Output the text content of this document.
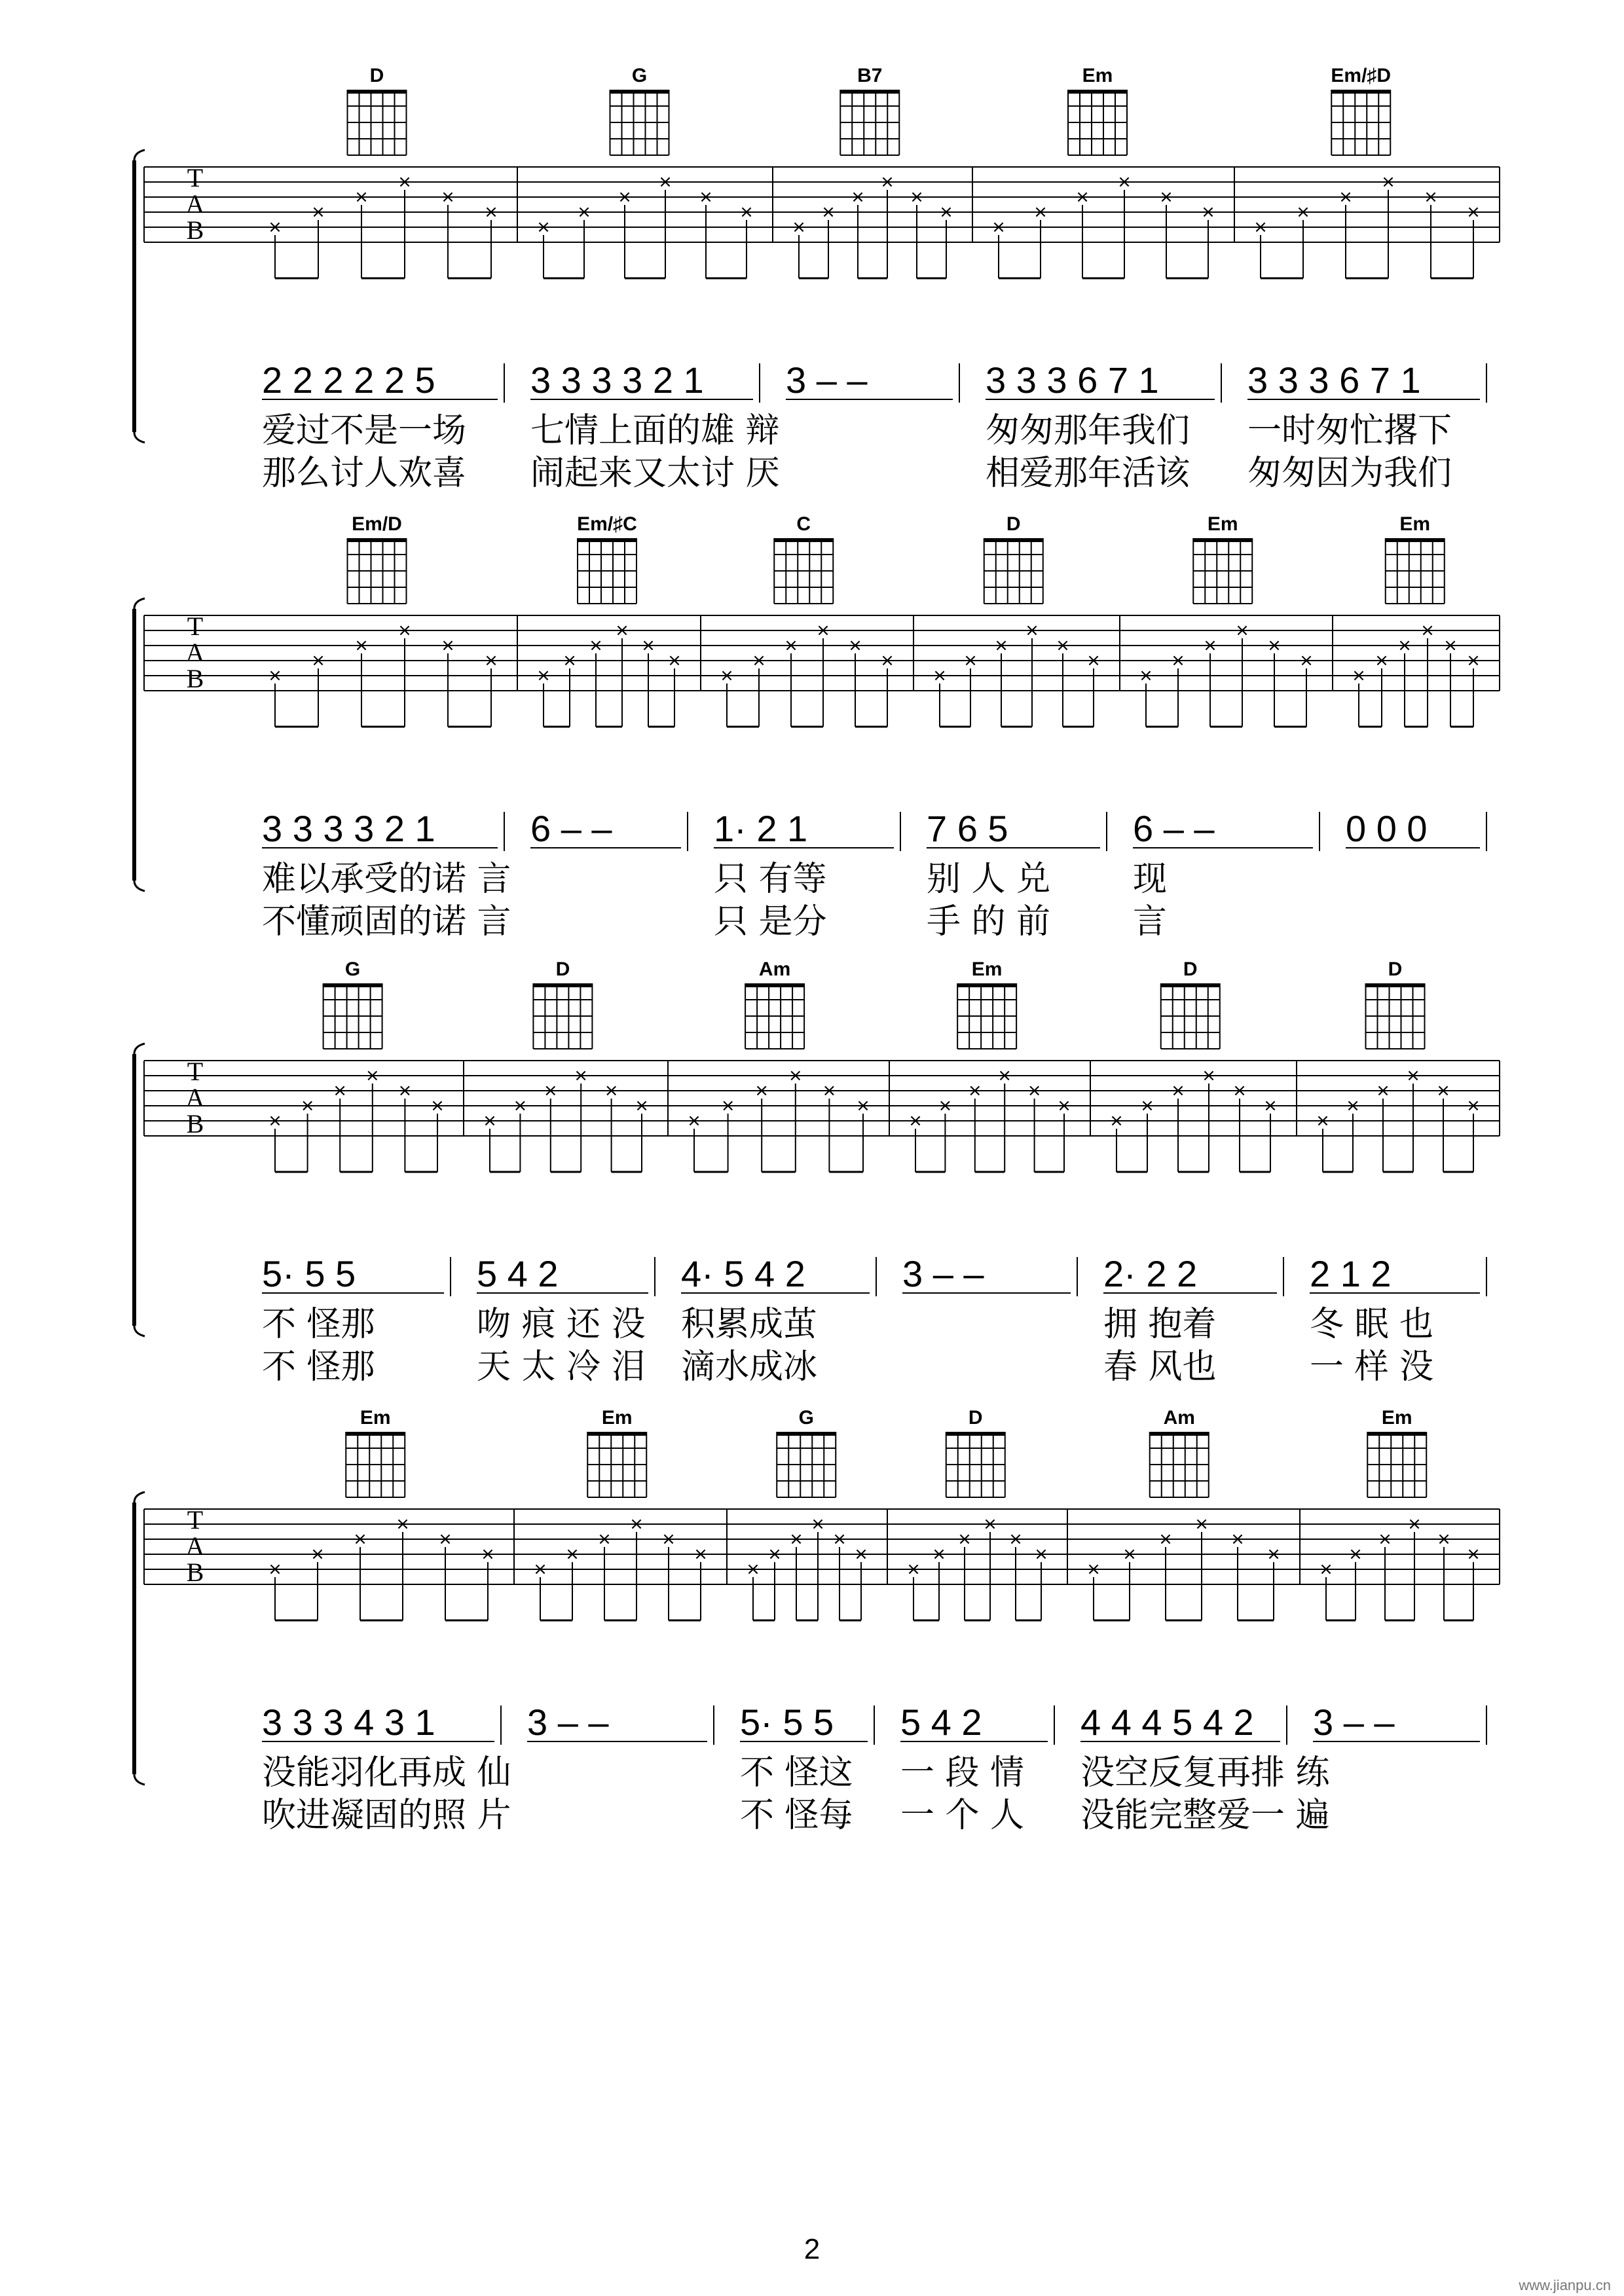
T
A
B	×
×
×
×
×
×
×
×
×
×
×
×
×
×
×
×
×
×
×
×
×
×
×
×
×
×
×
×
×
×
D
2 2 2 2 2 5
爱过不是一场
那么讨人欢喜
G
3 3 3 3 2 1
七情上面的雄 辩
闹起来又太讨 厌
B7
3 – –
Em
3 3 3 6 7 1
匆匆那年我们
相爱那年活该
Em/♯D
3 3 3 6 7 1
一时匆忙撂下
匆匆因为我们
T
A
B	×
×
×
×
×
×
×
×
×
×
×
×
×
×
×
×
×
×
×
×
×
×
×
×
×
×
×
×
×
×
×
×
×
×
×
×
Em/D
3 3 3 3 2 1
难以承受的诺 言
不懂顽固的诺 言
Em/♯C
6 – –
C
1· 2 1
只 有等
只 是分
D
7 6 5
别 人 兑
手 的 前
Em
6 – –
现
言
Em
0 0 0
T
A
B	×
×
×
×
×
×
×
×
×
×
×
×
×
×
×
×
×
×
×
×
×
×
×
×
×
×
×
×
×
×
×
×
×
×
×
×
G
5· 5 5
不 怪那
不 怪那
D
5 4 2
吻 痕 还 没
天 太 冷 泪
Am
4· 5 4 2
积累成茧
滴水成冰
Em
3 – –
D
2· 2 2
拥 抱着
春 风也
D
2 1 2
冬 眠 也
一 样 没
T
A
B	×
×
×
×
×
×
×
×
×
×
×
×
×
×
×
×
×
×
×
×
×
×
×
×
×
×
×
×
×
×
×
×
×
×
×
×
Em
3 3 3 4 3 1
没能羽化再成 仙
吹进凝固的照 片
Em
3 – –
G
5· 5 5
不 怪这
不 怪每
D
5 4 2
一 段 情
一 个 人
Am
4 4 4 5 4 2
没空反复再排 练
没能完整爱一 遍
Em
3 – –
2
www.jianpu.cn
